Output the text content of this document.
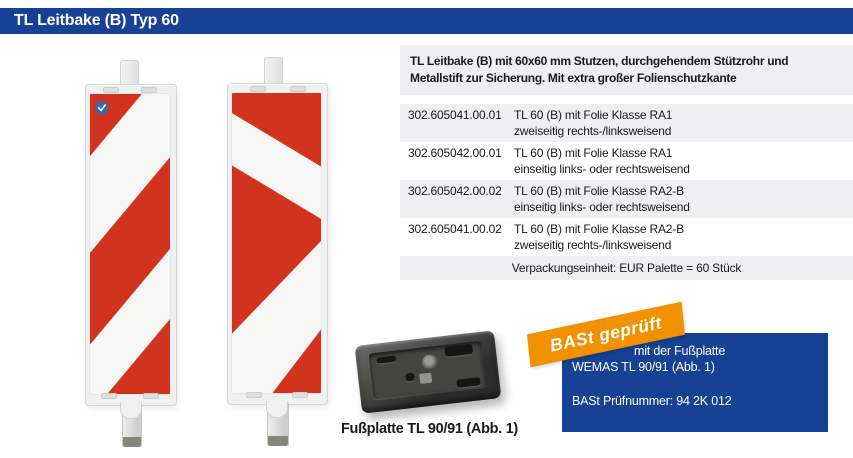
TL Leitbake (B) Typ 60
TL Leitbake (B) mit 60x60 mm Stutzen, durchgehendem Stützrohr und Metallstift zur Sicherung. Mit extra großer Folienschutzkante
302.605041.00.01	TL 60 (B) mit Folie Klasse RA1
zweiseitig rechts-/linksweisend
302.605042.00.01	TL 60 (B) mit Folie Klasse RA1
einseitig links- oder rechtsweisend
302.605042.00.02	TL 60 (B) mit Folie Klasse RA2-B
einseitig links- oder rechtsweisend
302.605041.00.02	TL 60 (B) mit Folie Klasse RA2-B
zweiseitig rechts-/linksweisend
Verpackungseinheit: EUR Palette = 60 Stück
Fußplatte TL 90/91 (Abb. 1)
mit der Fußplatte
WEMAS TL 90/91 (Abb. 1)
BASt Prüfnummer: 94 2K 012
BASt geprüft
